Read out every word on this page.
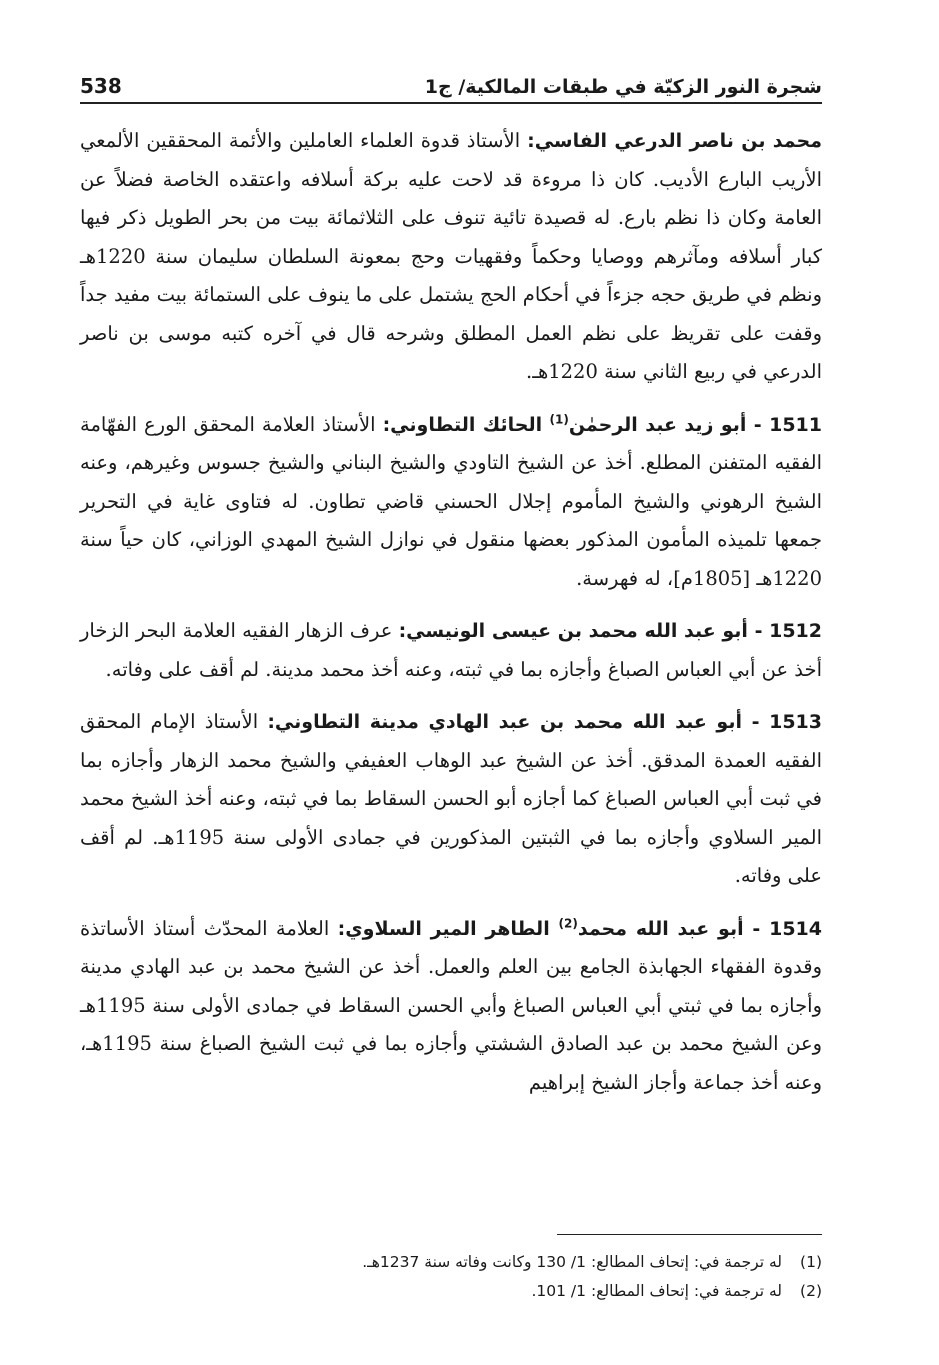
شجرة النور الزكيّة في طبقات المالكية/ ج1
538

محمد بن ناصر الدرعي الفاسي: الأستاذ قدوة العلماء العاملين والأئمة المحققين الألمعي الأريب البارع الأديب. كان ذا مروءة قد لاحت عليه بركة أسلافه واعتقده الخاصة فضلاً عن العامة وكان ذا نظم بارع. له قصيدة تائية تنوف على الثلاثمائة بيت من بحر الطويل ذكر فيها كبار أسلافه ومآثرهم ووصايا وحكماً وفقهيات وحج بمعونة السلطان سليمان سنة 1220هـ ونظم في طريق حجه جزءاً في أحكام الحج يشتمل على ما ينوف على الستمائة بيت مفيد جداً وقفت على تقريظ على نظم العمل المطلق وشرحه قال في آخره كتبه موسى بن ناصر الدرعي في ربيع الثاني سنة 1220هـ.

1511 - أبو زيد عبد الرحمٰن$^{(1)}$ الحائك التطاوني: الأستاذ العلامة المحقق الورع الفهّامة الفقيه المتفنن المطلع. أخذ عن الشيخ التاودي والشيخ البناني والشيخ جسوس وغيرهم، وعنه الشيخ الرهوني والشيخ المأموم إجلال الحسني قاضي تطاون. له فتاوى غاية في التحرير جمعها تلميذه المأمون المذكور بعضها منقول في نوازل الشيخ المهدي الوزاني، كان حياً سنة 1220هـ [1805م]، له فهرسة.

1512 - أبو عبد الله محمد بن عيسى الونيسي: عرف الزهار الفقيه العلامة البحر الزخار أخذ عن أبي العباس الصباغ وأجازه بما في ثبته، وعنه أخذ محمد مدينة. لم أقف على وفاته.

1513 - أبو عبد الله محمد بن عبد الهادي مدينة التطاوني: الأستاذ الإمام المحقق الفقيه العمدة المدقق. أخذ عن الشيخ عبد الوهاب العفيفي والشيخ محمد الزهار وأجازه بما في ثبت أبي العباس الصباغ كما أجازه أبو الحسن السقاط بما في ثبته، وعنه أخذ الشيخ محمد المير السلاوي وأجازه بما في الثبتين المذكورين في جمادى الأولى سنة 1195هـ. لم أقف على وفاته.

1514 - أبو عبد الله محمد$^{(2)}$ الطاهر المير السلاوي: العلامة المحدّث أستاذ الأساتذة وقدوة الفقهاء الجهابذة الجامع بين العلم والعمل. أخذ عن الشيخ محمد بن عبد الهادي مدينة وأجازه بما في ثبتي أبي العباس الصباغ وأبي الحسن السقاط في جمادى الأولى سنة 1195هـ وعن الشيخ محمد بن عبد الصادق الششتي وأجازه بما في ثبت الشيخ الصباغ سنة 1195هـ، وعنه أخذ جماعة وأجاز الشيخ إبراهيم

(1)
له ترجمة في: إتحاف المطالع: 1/ 130 وكانت وفاته سنة 1237هـ.
(2)
له ترجمة في: إتحاف المطالع: 1/ 101.
